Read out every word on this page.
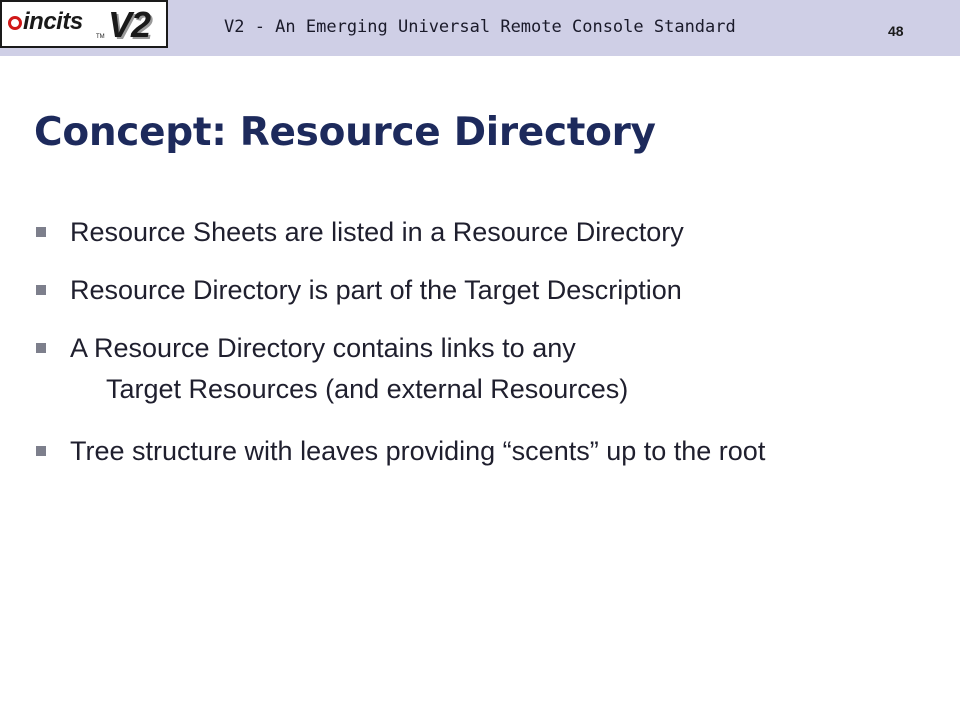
incits
TM V2	V2 - An Emerging Universal Remote Console Standard	48
Concept: Resource Directory
Resource Sheets are listed in a Resource Directory
Resource Directory is part of the Target Description
A Resource Directory contains links to any
Target Resources (and external Resources)
Tree structure with leaves providing “scents” up to the root
